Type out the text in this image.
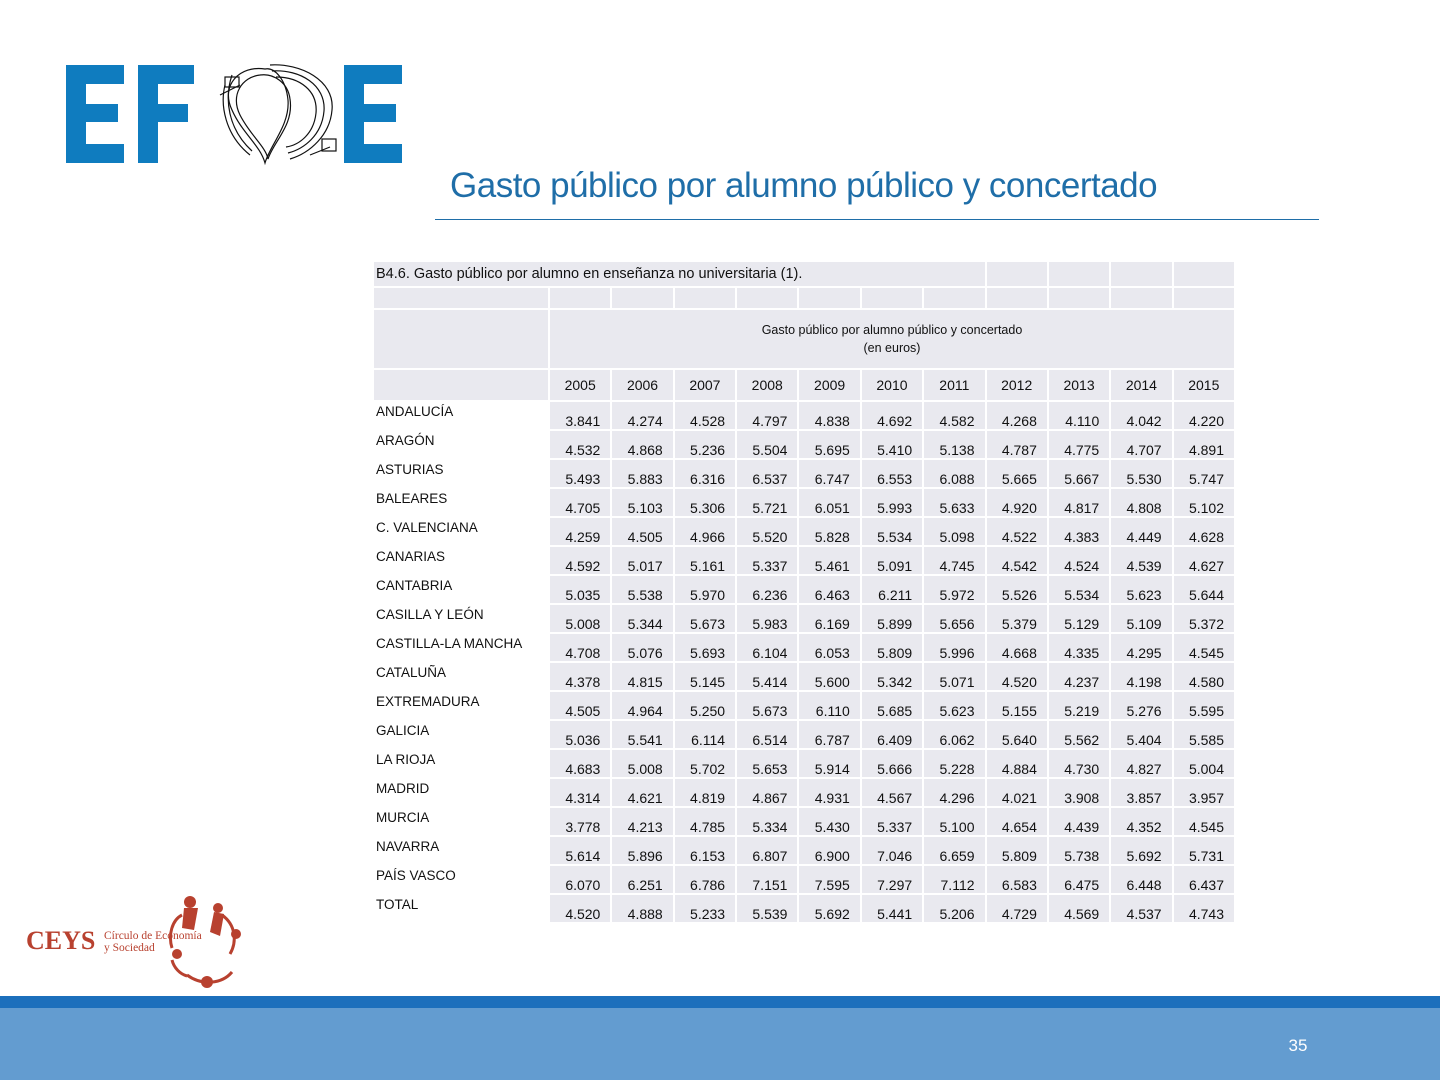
Gasto público por alumno público y concertado
B4.6. Gasto público por alumno en enseñanza no universitaria (1).											

	Gasto público por alumno público y concertado
(en euros)										

	2005	2006	2007	2008	2009	2010	2011	2012	2013	2014	2015
ANDALUCÍA	3.841	4.274	4.528	4.797	4.838	4.692	4.582	4.268	4.110	4.042	4.220
ARAGÓN	4.532	4.868	5.236	5.504	5.695	5.410	5.138	4.787	4.775	4.707	4.891
ASTURIAS	5.493	5.883	6.316	6.537	6.747	6.553	6.088	5.665	5.667	5.530	5.747
BALEARES	4.705	5.103	5.306	5.721	6.051	5.993	5.633	4.920	4.817	4.808	5.102
C. VALENCIANA	4.259	4.505	4.966	5.520	5.828	5.534	5.098	4.522	4.383	4.449	4.628
CANARIAS	4.592	5.017	5.161	5.337	5.461	5.091	4.745	4.542	4.524	4.539	4.627
CANTABRIA	5.035	5.538	5.970	6.236	6.463	6.211	5.972	5.526	5.534	5.623	5.644
CASILLA Y LEÓN	5.008	5.344	5.673	5.983	6.169	5.899	5.656	5.379	5.129	5.109	5.372
CASTILLA-LA MANCHA	4.708	5.076	5.693	6.104	6.053	5.809	5.996	4.668	4.335	4.295	4.545
CATALUÑA	4.378	4.815	5.145	5.414	5.600	5.342	5.071	4.520	4.237	4.198	4.580
EXTREMADURA	4.505	4.964	5.250	5.673	6.110	5.685	5.623	5.155	5.219	5.276	5.595
GALICIA	5.036	5.541	6.114	6.514	6.787	6.409	6.062	5.640	5.562	5.404	5.585
LA RIOJA	4.683	5.008	5.702	5.653	5.914	5.666	5.228	4.884	4.730	4.827	5.004
MADRID	4.314	4.621	4.819	4.867	4.931	4.567	4.296	4.021	3.908	3.857	3.957
MURCIA	3.778	4.213	4.785	5.334	5.430	5.337	5.100	4.654	4.439	4.352	4.545
NAVARRA	5.614	5.896	6.153	6.807	6.900	7.046	6.659	5.809	5.738	5.692	5.731
PAÍS VASCO	6.070	6.251	6.786	7.151	7.595	7.297	7.112	6.583	6.475	6.448	6.437
TOTAL	4.520	4.888	5.233	5.539	5.692	5.441	5.206	4.729	4.569	4.537	4.743
CEYS Círculo de Economía
y Sociedad
35
